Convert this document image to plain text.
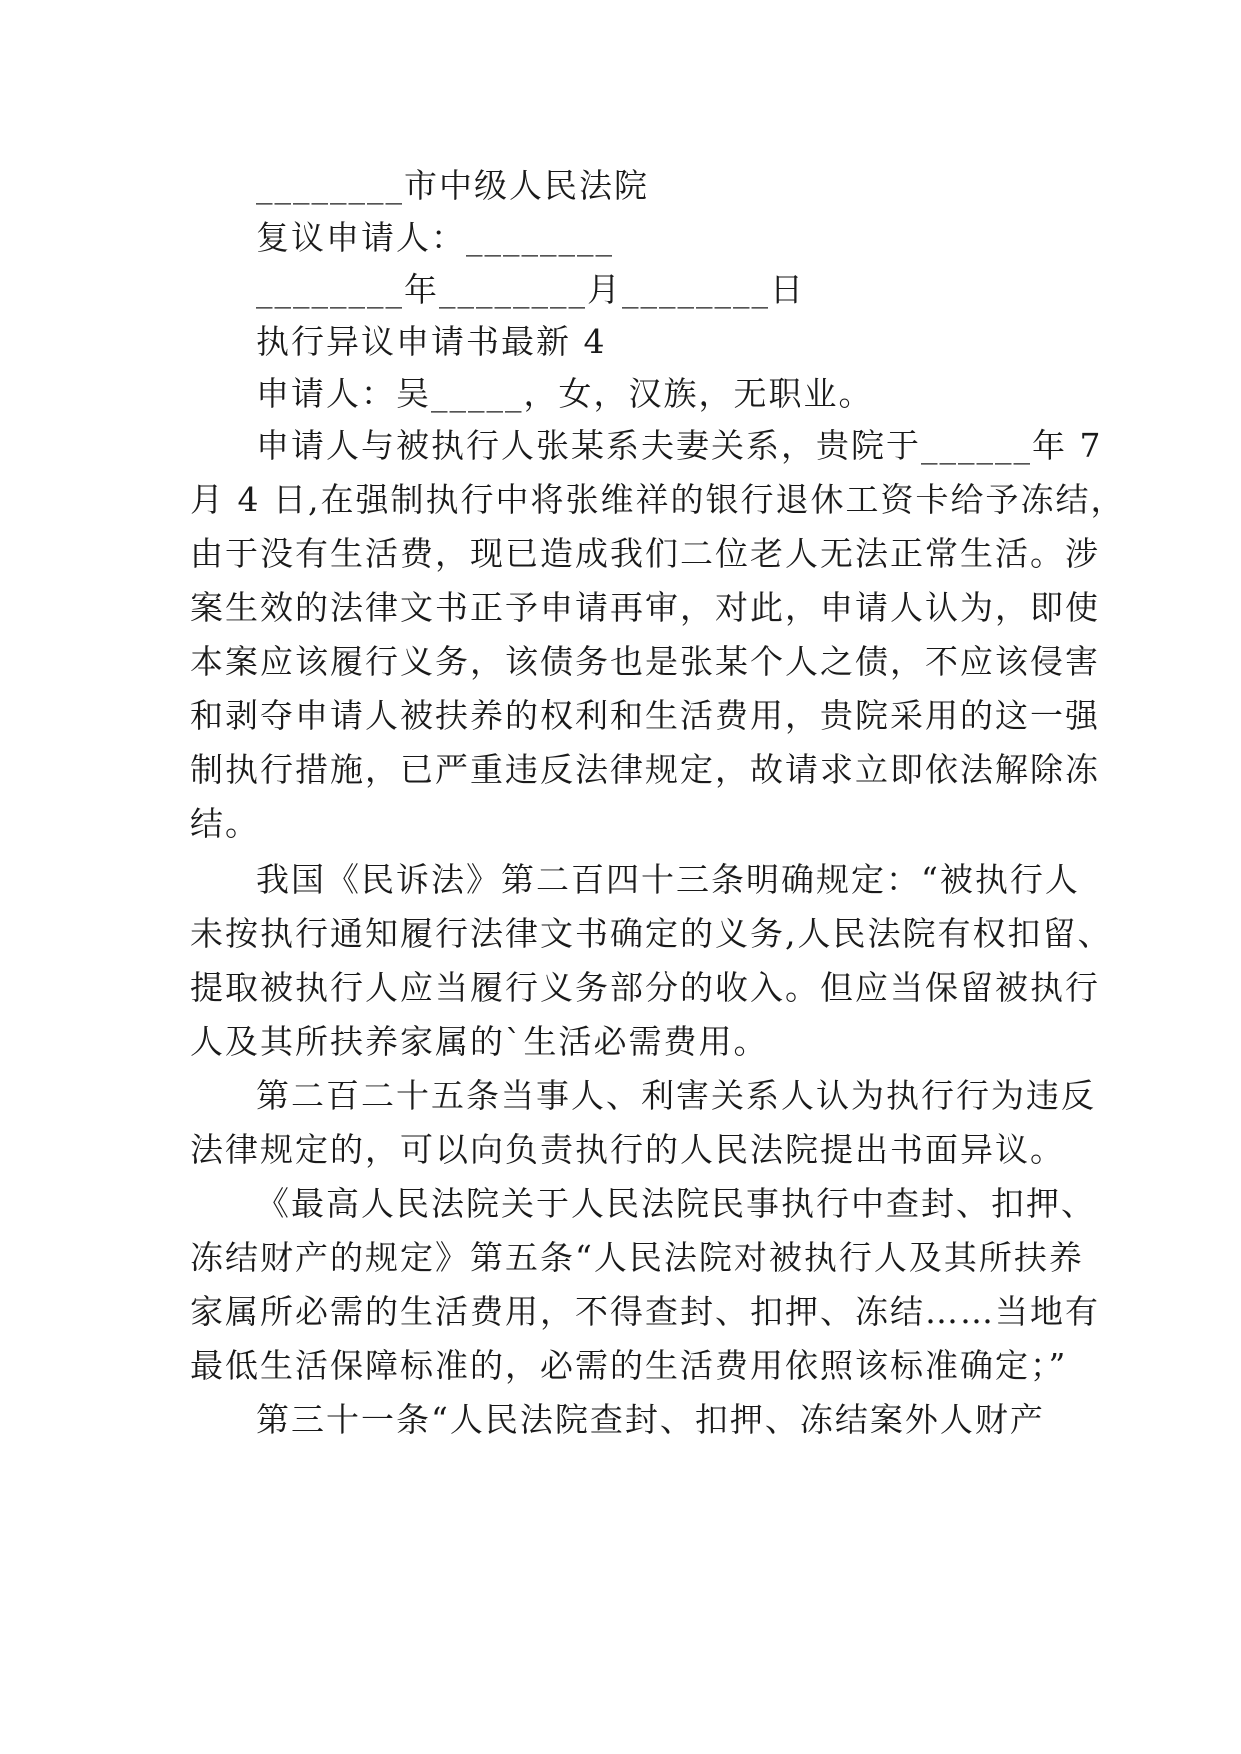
________市中级人民法院
复议申请人：________
________年________月________日
执行异议申请书最新 4
申请人：吴_____，女，汉族，无职业。
申请人与被执行人张某系夫妻关系，贵院于______年 7
月 4 日,在强制执行中将张维祥的银行退休工资卡给予冻结，
由于没有生活费，现已造成我们二位老人无法正常生活。涉
案生效的法律文书正予申请再审，对此，申请人认为，即使
本案应该履行义务，该债务也是张某个人之债，不应该侵害
和剥夺申请人被扶养的权利和生活费用，贵院采用的这一强
制执行措施，已严重违反法律规定，故请求立即依法解除冻
结。
我国《民诉法》第二百四十三条明确规定：“被执行人
未按执行通知履行法律文书确定的义务,人民法院有权扣留、
提取被执行人应当履行义务部分的收入。但应当保留被执行
人及其所扶养家属的`生活必需费用。
第二百二十五条当事人、利害关系人认为执行行为违反
法律规定的，可以向负责执行的人民法院提出书面异议。
《最高人民法院关于人民法院民事执行中查封、扣押、
冻结财产的规定》第五条“人民法院对被执行人及其所扶养
家属所必需的生活费用，不得查封、扣押、冻结……当地有
最低生活保障标准的，必需的生活费用依照该标准确定；”
第三十一条“人民法院查封、扣押、冻结案外人财产
